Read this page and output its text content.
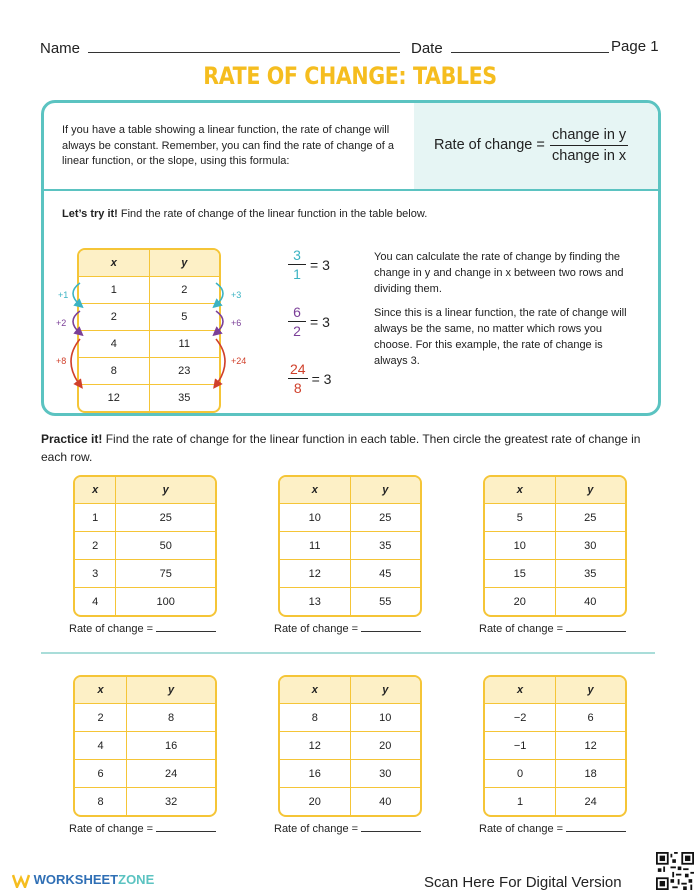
Name	Date	Page 1
RATE OF CHANGE: TABLES
If you have a table showing a linear function, the rate of change will always be constant. Remember, you can find the rate of change of a linear function, or the slope, using this formula:
Rate of change =
change in y
change in x
Let’s try it! Find the rate of change of the linear function in the table below.
x	y
1	2
2	5
4	11
8	23
12	35
+1
+2
+8
+3
+6
+24

You can calculate the rate of change by finding the change in y and change in x between two rows and dividing them.

Since this is a linear function, the rate of change will always be the same, no matter which rows you choose. For this example, the rate of change is always 3.

$\frac{3}{1} = 3$
$\frac{6}{2} = 3$
$\frac{24}{8} = 3$
Practice it! Find the rate of change for the linear function in each table. Then circle the greatest rate of change in each row.
x	y
1	25
2	50
3	75
4	100
Rate of change =
x	y
10	25
11	35
12	45
13	55
Rate of change =
x	y
5	25
10	30
15	35
20	40
Rate of change =
x	y
2	8
4	16
6	24
8	32
Rate of change =
x	y
8	10
12	20
16	30
20	40
Rate of change =
x	y
−2	6
−1	12
0	18
1	24
Rate of change =
WORKSHEETZONE	Scan Here For Digital Version
